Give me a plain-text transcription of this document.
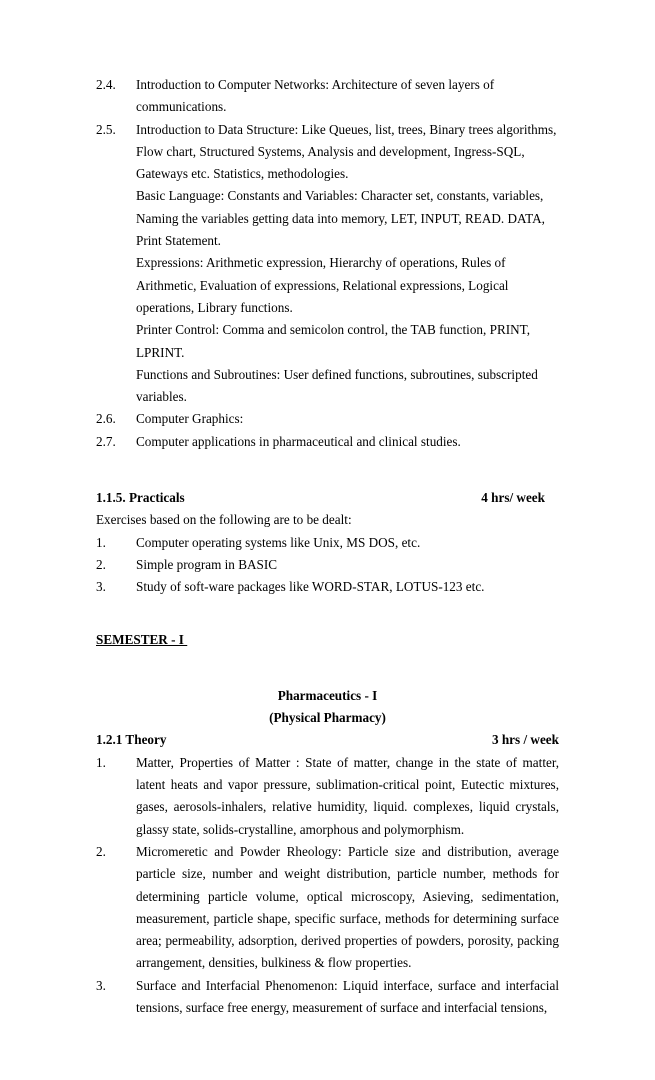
2.4.	Introduction to Computer Networks: Architecture of seven layers of communications.
2.5.	Introduction to Data Structure: Like Queues, list, trees, Binary trees algorithms, Flow chart, Structured Systems, Analysis and development, Ingress-SQL, Gateways etc. Statistics, methodologies.
Basic Language: Constants and Variables: Character set, constants, variables, Naming the variables getting data into memory, LET, INPUT, READ. DATA, Print Statement.
Expressions: Arithmetic expression, Hierarchy of operations, Rules of Arithmetic, Evaluation of expressions, Relational expressions, Logical operations, Library functions.
Printer Control: Comma and semicolon control, the TAB function, PRINT, LPRINT.
Functions and Subroutines: User defined functions, subroutines, subscripted variables.
2.6.	Computer Graphics:
2.7.	Computer applications in pharmaceutical and clinical studies.
1.1.5. Practicals	4 hrs/ week
Exercises based on the following are to be dealt:
1.	Computer operating systems like Unix, MS DOS, etc.
2.	Simple program in BASIC
3.	Study of soft-ware packages like WORD-STAR, LOTUS-123 etc.
SEMESTER - I
Pharmaceutics - I
(Physical Pharmacy)
1.2.1 Theory	3 hrs / week
1.	Matter, Properties of Matter : State of matter, change in the state of matter, latent heats and vapor pressure, sublimation-critical point, Eutectic mixtures, gases, aerosols-inhalers, relative humidity, liquid. complexes, liquid crystals, glassy state, solids-crystalline, amorphous and polymorphism.
2.	Micromeretic and Powder Rheology: Particle size and distribution, average particle size, number and weight distribution, particle number, methods for determining particle volume, optical microscopy, Asieving, sedimentation, measurement, particle shape, specific surface, methods for determining surface area; permeability, adsorption, derived properties of powders, porosity, packing arrangement, densities, bulkiness & flow properties.
3.	Surface and Interfacial Phenomenon: Liquid interface, surface and interfacial tensions, surface free energy, measurement of surface and interfacial tensions,
